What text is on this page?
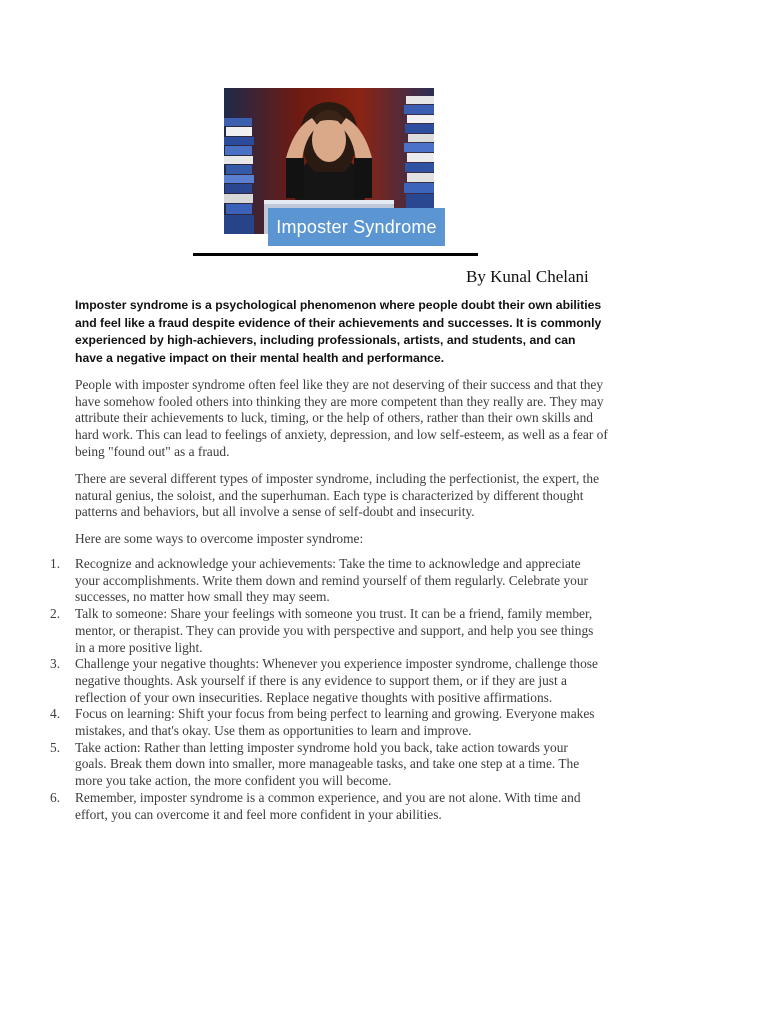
Imposter Syndrome
By Kunal Chelani

Imposter syndrome is a psychological phenomenon where people doubt their own abilities and feel like a fraud despite evidence of their achievements and successes. It is commonly experienced by high-achievers, including professionals, artists, and students, and can have a negative impact on their mental health and performance.

People with imposter syndrome often feel like they are not deserving of their success and that they have somehow fooled others into thinking they are more competent than they really are. They may attribute their achievements to luck, timing, or the help of others, rather than their own skills and hard work. This can lead to feelings of anxiety, depression, and low self-esteem, as well as a fear of being "found out" as a fraud.

There are several different types of imposter syndrome, including the perfectionist, the expert, the natural genius, the soloist, and the superhuman. Each type is characterized by different thought patterns and behaviors, but all involve a sense of self-doubt and insecurity.

Here are some ways to overcome imposter syndrome:

1. Recognize and acknowledge your achievements: Take the time to acknowledge and appreciate your accomplishments. Write them down and remind yourself of them regularly. Celebrate your successes, no matter how small they may seem.
2. Talk to someone: Share your feelings with someone you trust. It can be a friend, family member, mentor, or therapist. They can provide you with perspective and support, and help you see things in a more positive light.
3. Challenge your negative thoughts: Whenever you experience imposter syndrome, challenge those negative thoughts. Ask yourself if there is any evidence to support them, or if they are just a reflection of your own insecurities. Replace negative thoughts with positive affirmations.
4. Focus on learning: Shift your focus from being perfect to learning and growing. Everyone makes mistakes, and that's okay. Use them as opportunities to learn and improve.
5. Take action: Rather than letting imposter syndrome hold you back, take action towards your goals. Break them down into smaller, more manageable tasks, and take one step at a time. The more you take action, the more confident you will become.
6. Remember, imposter syndrome is a common experience, and you are not alone. With time and effort, you can overcome it and feel more confident in your abilities.
